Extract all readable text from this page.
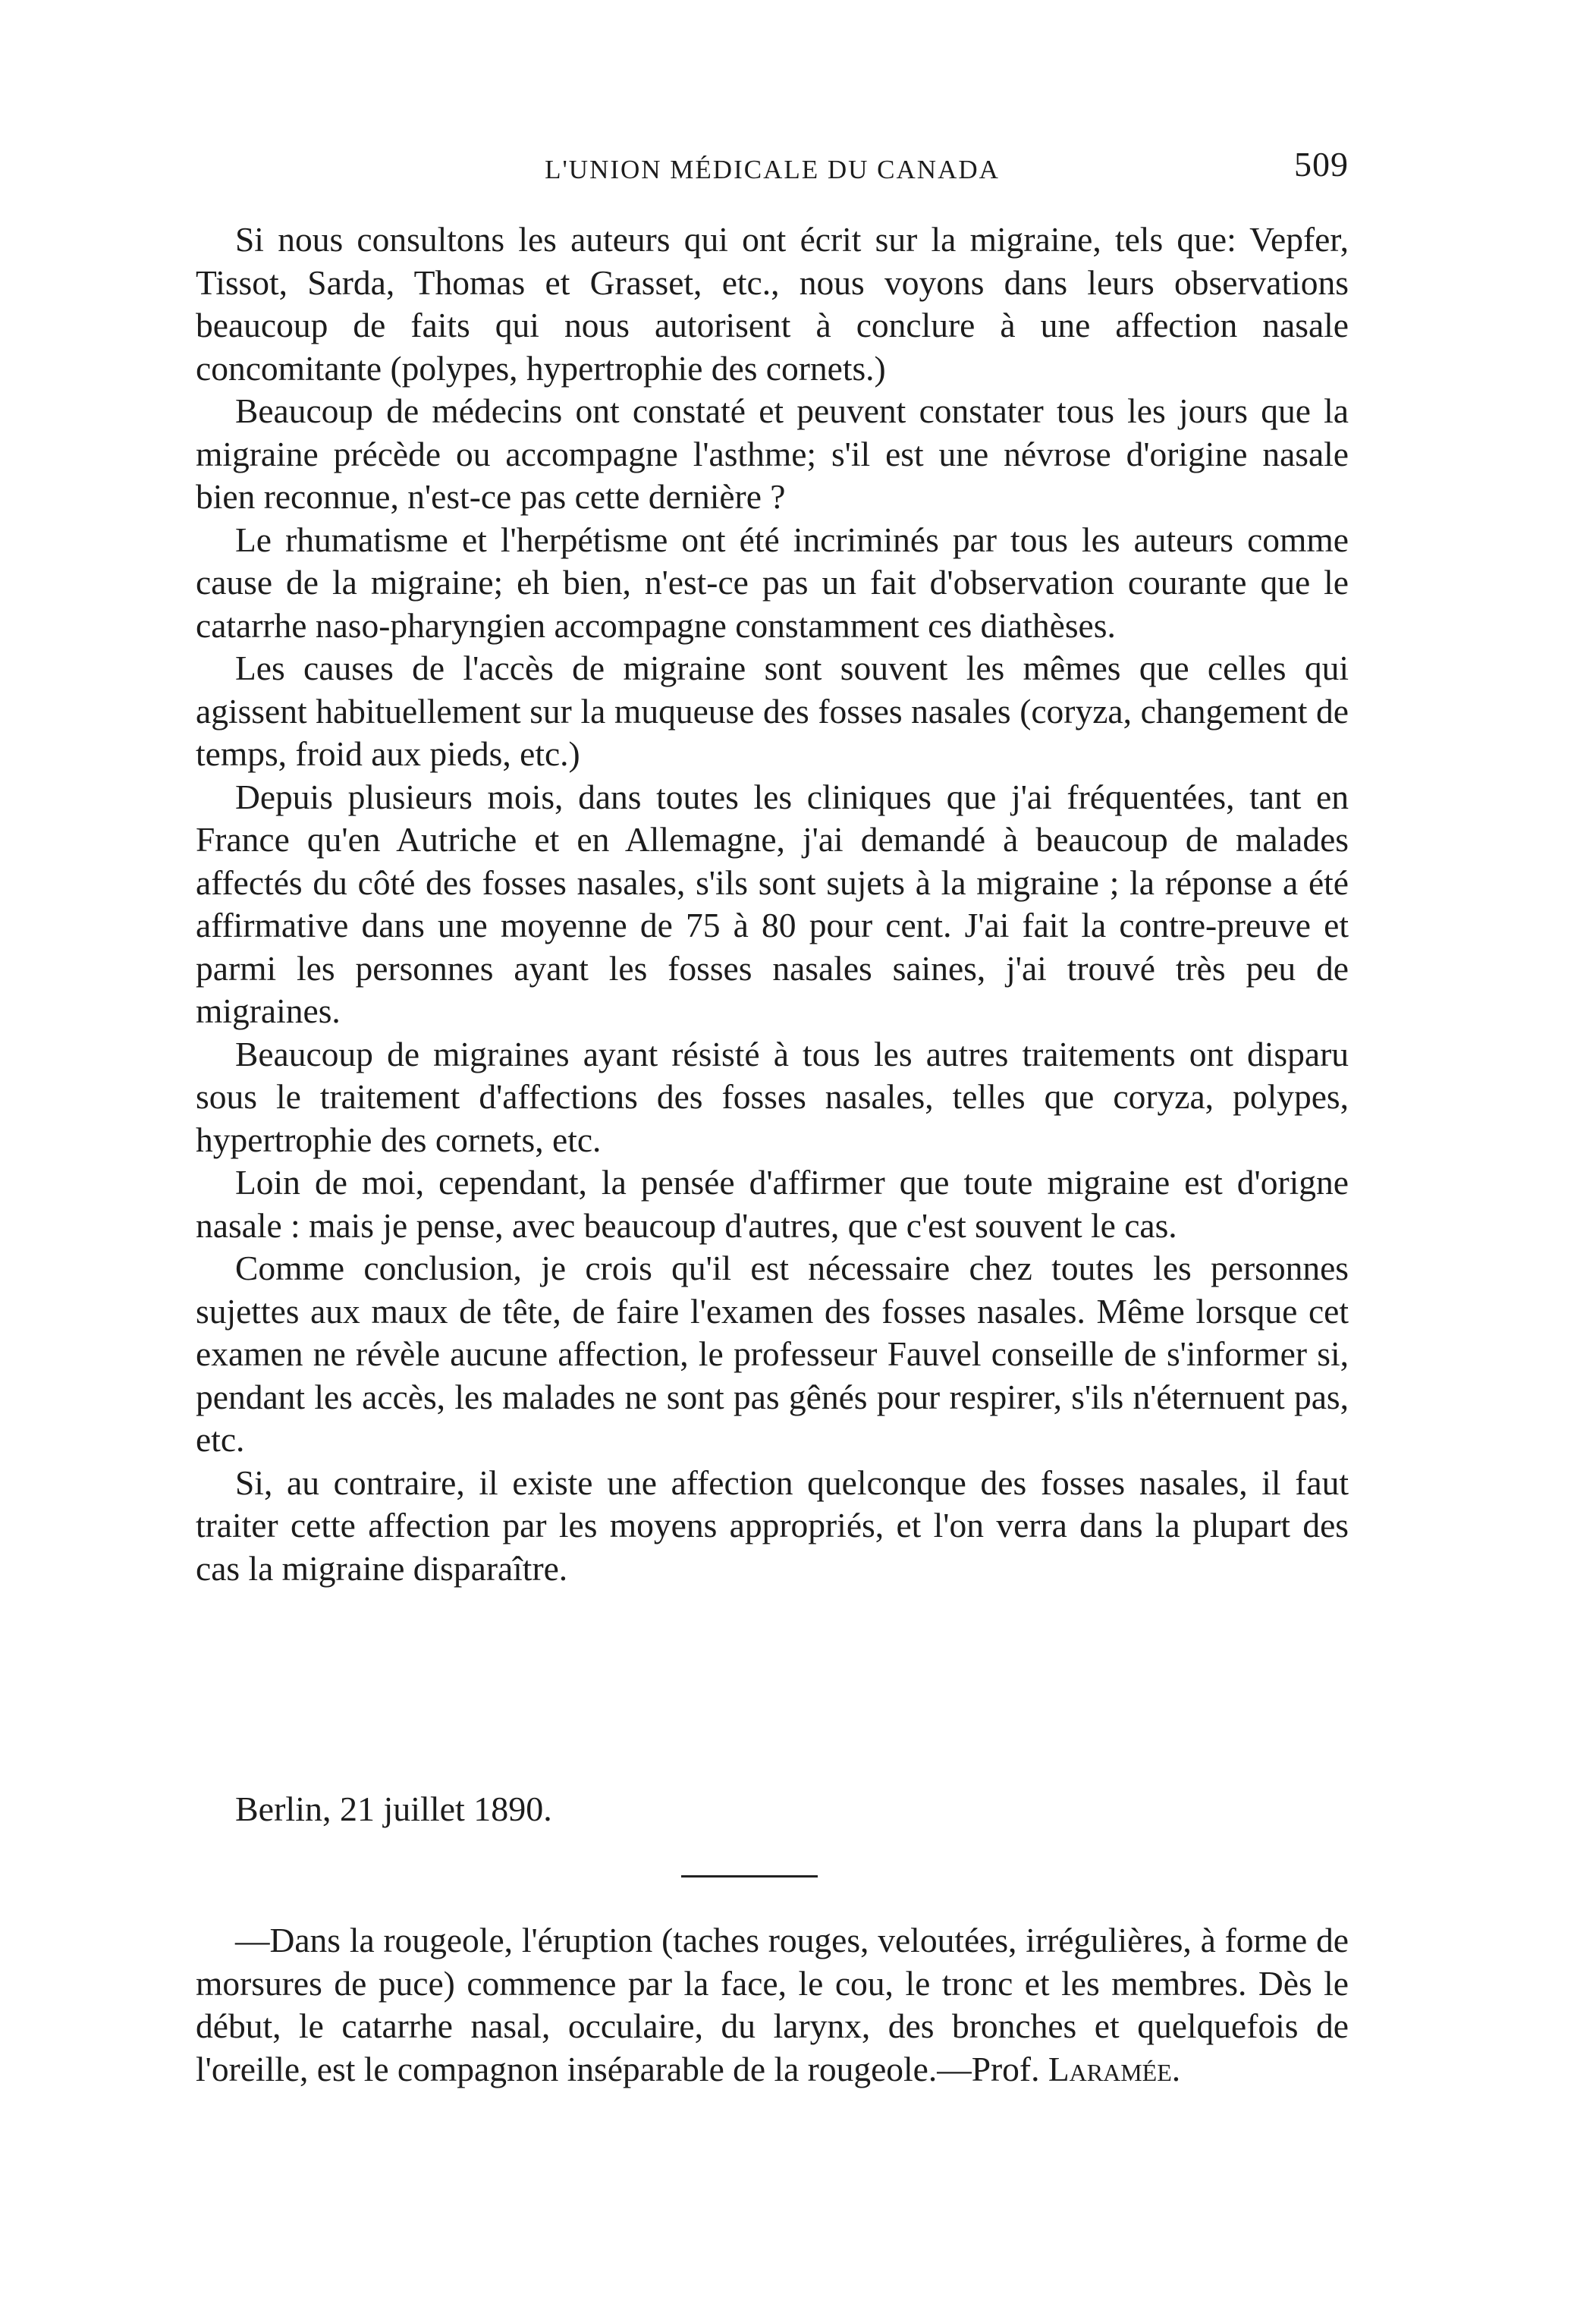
L'UNION MÉDICALE DU CANADA	509

Si nous consultons les auteurs qui ont écrit sur la migraine, tels que: Vepfer, Tissot, Sarda, Thomas et Grasset, etc., nous voyons dans leurs observations beaucoup de faits qui nous autorisent à conclure à une affection nasale concomitante (polypes, hypertrophie des cornets.)

Beaucoup de médecins ont constaté et peuvent constater tous les jours que la migraine précède ou accompagne l'asthme; s'il est une névrose d'origine nasale bien reconnue, n'est-ce pas cette dernière ?

Le rhumatisme et l'herpétisme ont été incriminés par tous les auteurs comme cause de la migraine; eh bien, n'est-ce pas un fait d'observation courante que le catarrhe naso-pharyngien accompagne constamment ces diathèses.

Les causes de l'accès de migraine sont souvent les mêmes que celles qui agissent habituellement sur la muqueuse des fosses nasales (coryza, changement de temps, froid aux pieds, etc.)

Depuis plusieurs mois, dans toutes les cliniques que j'ai fréquentées, tant en France qu'en Autriche et en Allemagne, j'ai demandé à beaucoup de malades affectés du côté des fosses nasales, s'ils sont sujets à la migraine ; la réponse a été affirmative dans une moyenne de 75 à 80 pour cent. J'ai fait la contre-preuve et parmi les personnes ayant les fosses nasales saines, j'ai trouvé très peu de migraines.

Beaucoup de migraines ayant résisté à tous les autres traitements ont disparu sous le traitement d'affections des fosses nasales, telles que coryza, polypes, hypertrophie des cornets, etc.

Loin de moi, cependant, la pensée d'affirmer que toute migraine est d'origne nasale : mais je pense, avec beaucoup d'autres, que c'est souvent le cas.

Comme conclusion, je crois qu'il est nécessaire chez toutes les personnes sujettes aux maux de tête, de faire l'examen des fosses nasales. Même lorsque cet examen ne révèle aucune affection, le professeur Fauvel conseille de s'informer si, pendant les accès, les malades ne sont pas gênés pour respirer, s'ils n'éternuent pas, etc.

Si, au contraire, il existe une affection quelconque des fosses nasales, il faut traiter cette affection par les moyens appropriés, et l'on verra dans la plupart des cas la migraine disparaître.

Berlin, 21 juillet 1890.

—Dans la rougeole, l'éruption (taches rouges, veloutées, irrégulières, à forme de morsures de puce) commence par la face, le cou, le tronc et les membres. Dès le début, le catarrhe nasal, occulaire, du larynx, des bronches et quelquefois de l'oreille, est le compagnon inséparable de la rougeole.—Prof. Laramée.
